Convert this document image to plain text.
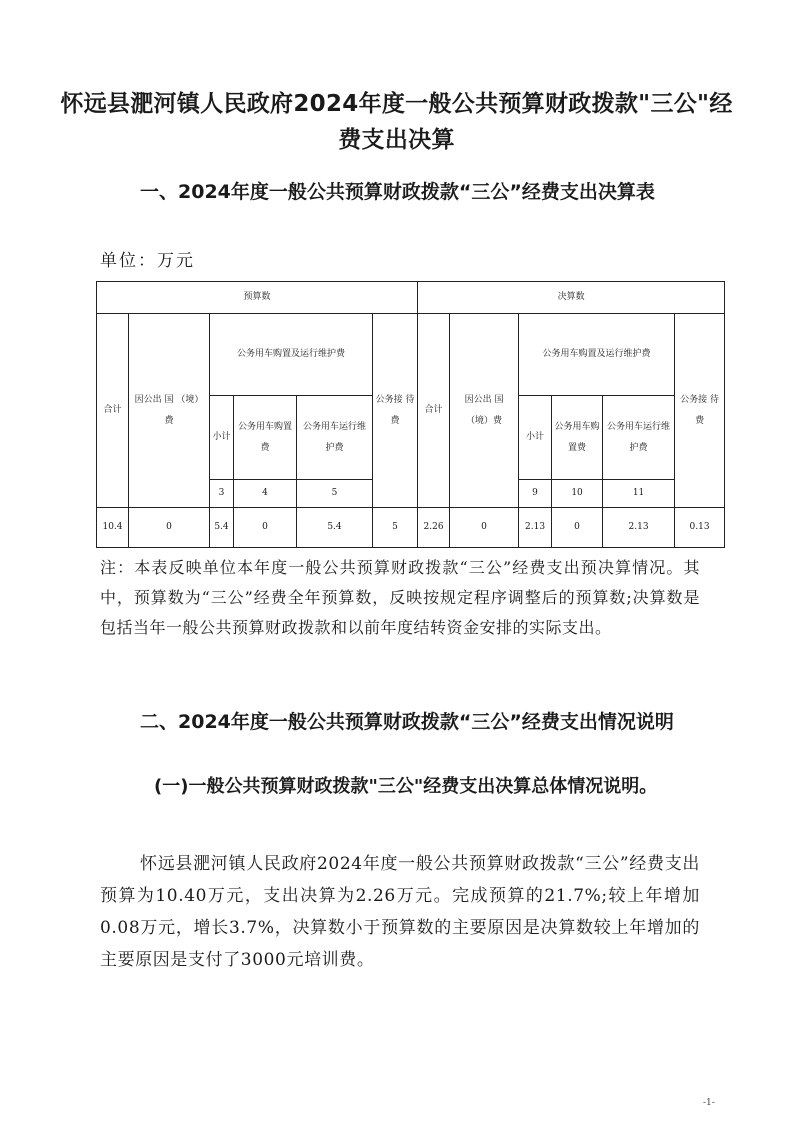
怀远县淝河镇人民政府2024年度一般公共预算财政拨款"三公"经费支出决算
一、2024年度一般公共预算财政拨款“三公”经费支出决算表
单位：万元
预算数						决算数					
合计	因公出 国 （境）费	公务用车购置及运行维护费			公务接 待费	合计	因公出 国 （境）费	公务用车购置及运行维护费			公务接 待费
		小计	公务用车购置费	公务用车运行维护费				小计	公务用车购置费	公务用车运行维护费	
		3	4	5				9	10	11	
10.4	0	5.4	0	5.4	5	2.26	0	2.13	0	2.13	0.13
注：本表反映单位本年度一般公共预算财政拨款“三公”经费支出预决算情况。其中，预算数为“三公”经费全年预算数，反映按规定程序调整后的预算数;决算数是包括当年一般公共预算财政拨款和以前年度结转资金安排的实际支出。
二、2024年度一般公共预算财政拨款“三公”经费支出情况说明
(一)一般公共预算财政拨款"三公"经费支出决算总体情况说明。
怀远县淝河镇人民政府2024年度一般公共预算财政拨款“三公”经费支出预算为10.40万元，支出决算为2.26万元。完成预算的21.7%;较上年增加0.08万元，增长3.7%，决算数小于预算数的主要原因是决算数较上年增加的主要原因是支付了3000元培训费。
-1-
